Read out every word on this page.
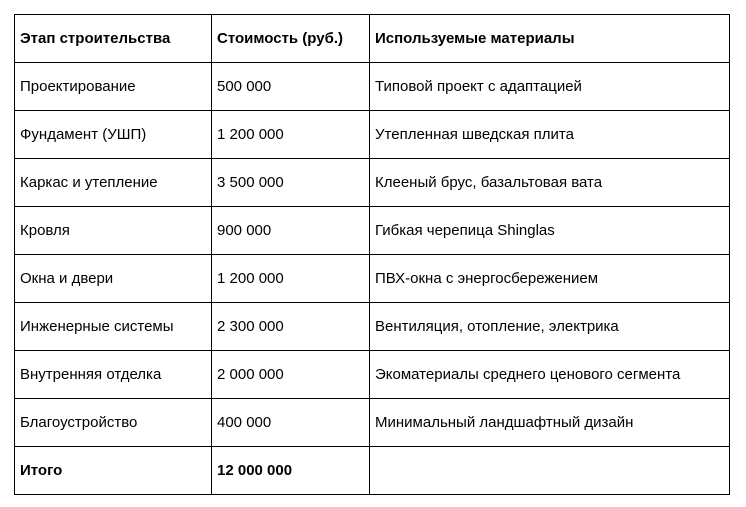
Этап строительства	Стоимость (руб.)	Используемые материалы
Проектирование	500 000	Типовой проект с адаптацией
Фундамент (УШП)	1 200 000	Утепленная шведская плита
Каркас и утепление	3 500 000	Клееный брус, базальтовая вата
Кровля	900 000	Гибкая черепица Shinglas
Окна и двери	1 200 000	ПВХ-окна с энергосбережением
Инженерные системы	2 300 000	Вентиляция, отопление, электрика
Внутренняя отделка	2 000 000	Экоматериалы среднего ценового сегмента
Благоустройство	400 000	Минимальный ландшафтный дизайн
Итого	12 000 000	
